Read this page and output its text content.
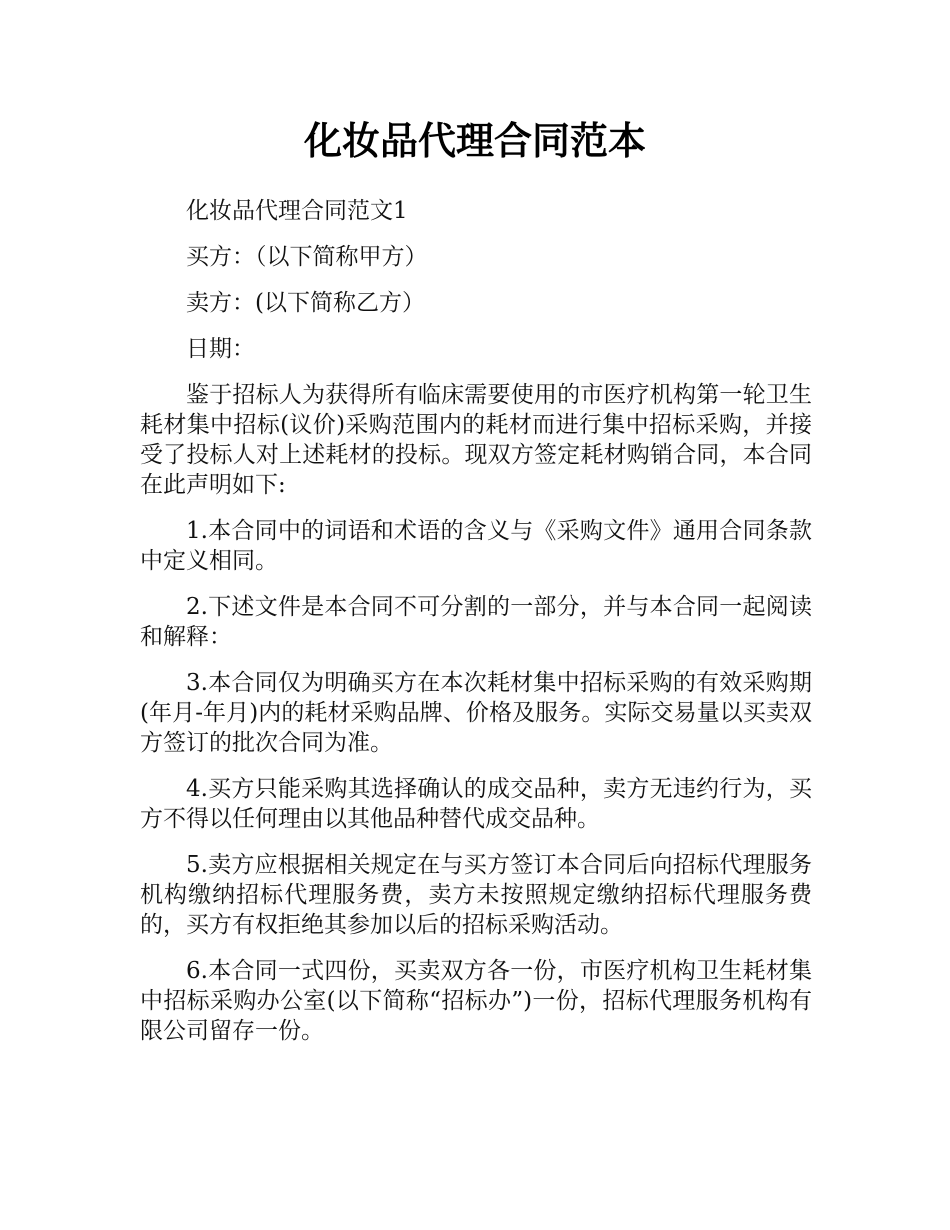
化妆品代理合同范本

化妆品代理合同范文1

买方：（以下简称甲方）

卖方：(以下简称乙方）

日期：

鉴于招标人为获得所有临床需要使用的市医疗机构第一轮卫生耗材集中招标(议价)采购范围内的耗材而进行集中招标采购，并接受了投标人对上述耗材的投标。现双方签定耗材购销合同，本合同在此声明如下:

1.本合同中的词语和术语的含义与《采购文件》通用合同条款中定义相同。

2.下述文件是本合同不可分割的一部分，并与本合同一起阅读和解释：

3.本合同仅为明确买方在本次耗材集中招标采购的有效采购期(年月-年月)内的耗材采购品牌、价格及服务。实际交易量以买卖双方签订的批次合同为准。

4.买方只能采购其选择确认的成交品种，卖方无违约行为，买方不得以任何理由以其他品种替代成交品种。

5.卖方应根据相关规定在与买方签订本合同后向招标代理服务机构缴纳招标代理服务费，卖方未按照规定缴纳招标代理服务费的，买方有权拒绝其参加以后的招标采购活动。

6.本合同一式四份，买卖双方各一份，市医疗机构卫生耗材集中招标采购办公室(以下简称“招标办”)一份，招标代理服务机构有限公司留存一份。
